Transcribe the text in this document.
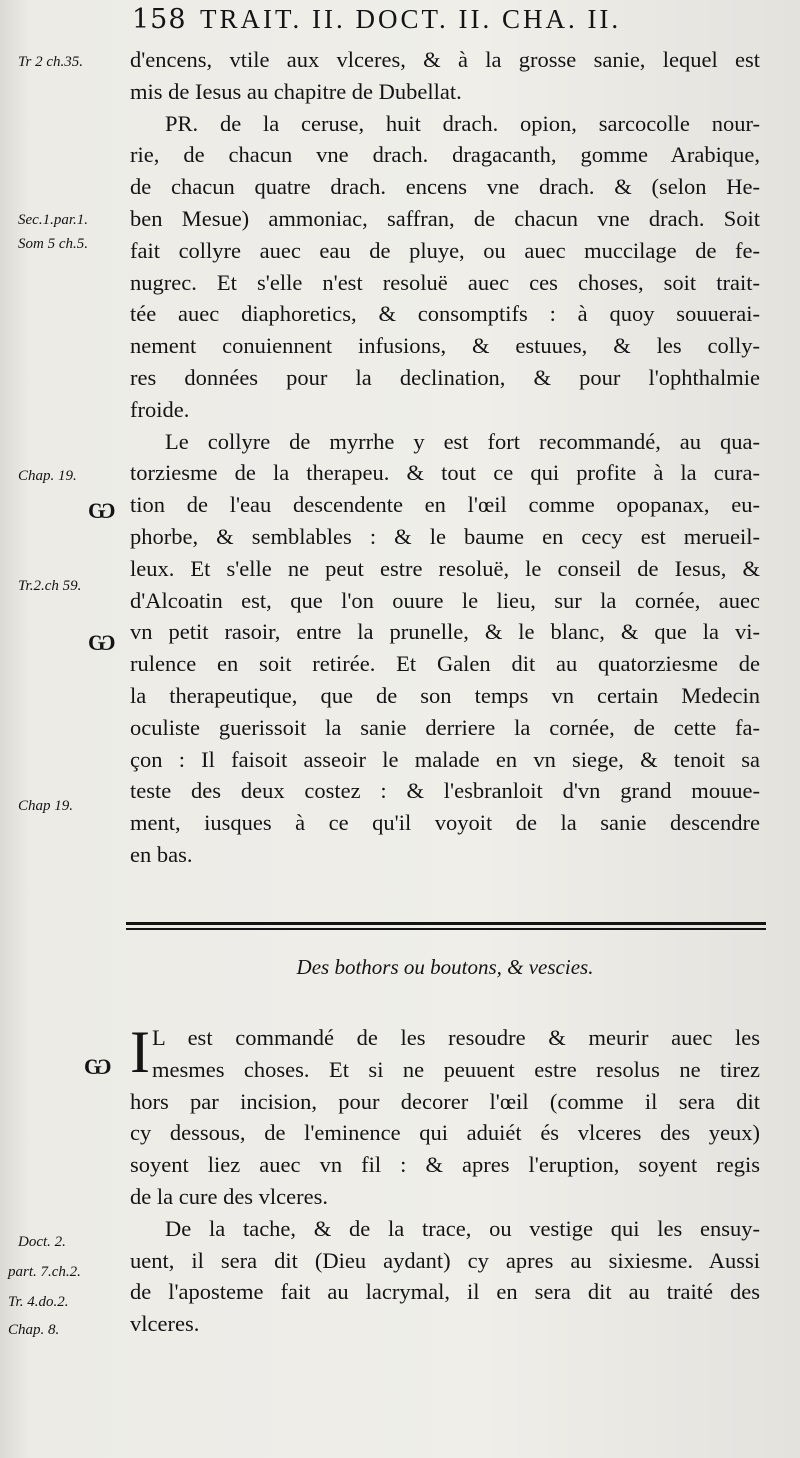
158 TRAIT. II. DOCT. II. CHA. II.
Tr 2 ch.35.
Sec.1.par.1.
Som 5 ch.5.
Chap. 19.
Ѡ
Tr.2.ch 59.
Ѡ
Chap 19.
Ѡ
Doct. 2.
part. 7.ch.2.
Tr. 4.do.2.
Chap. 8.
d'encens, vtile aux vlceres, & à la grosse sanie, lequel est
mis de Iesus au chapitre de Dubellat.
PR. de la ceruse, huit drach. opion, sarcocolle nour-
rie, de chacun vne drach. dragacanth, gomme Arabique,
de chacun quatre drach. encens vne drach. & (selon He-
ben Mesue) ammoniac, saffran, de chacun vne drach. Soit
fait collyre auec eau de pluye, ou auec muccilage de fe-
nugrec. Et s'elle n'est resoluë auec ces choses, soit trait-
tée auec diaphoretics, & consomptifs : à quoy souuerai-
nement conuiennent infusions, & estuues, & les colly-
res données pour la declination, & pour l'ophthalmie
froide.
Le collyre de myrrhe y est fort recommandé, au qua-
torziesme de la therapeu. & tout ce qui profite à la cura-
tion de l'eau descendente en l'œil comme opopanax, eu-
phorbe, & semblables : & le baume en cecy est merueil-
leux. Et s'elle ne peut estre resoluë, le conseil de Iesus, &
d'Alcoatin est, que l'on ouure le lieu, sur la cornée, auec
vn petit rasoir, entre la prunelle, & le blanc, & que la vi-
rulence en soit retirée. Et Galen dit au quatorziesme de
la therapeutique, que de son temps vn certain Medecin
oculiste guerissoit la sanie derriere la cornée, de cette fa-
çon : Il faisoit asseoir le malade en vn siege, & tenoit sa
teste des deux costez : & l'esbranloit d'vn grand mouue-
ment, iusques à ce qu'il voyoit de la sanie descendre
en bas.
Des bothors ou boutons, & vescies.
I L est commandé de les resoudre & meurir auec les
mesmes choses. Et si ne peuuent estre resolus ne tirez
hors par incision, pour decorer l'œil (comme il sera dit
cy dessous, de l'eminence qui aduiét és vlceres des yeux)
soyent liez auec vn fil : & apres l'eruption, soyent regis
de la cure des vlceres.
De la tache, & de la trace, ou vestige qui les ensuy-
uent, il sera dit (Dieu aydant) cy apres au sixiesme. Aussi
de l'aposteme fait au lacrymal, il en sera dit au traité des
vlceres.
